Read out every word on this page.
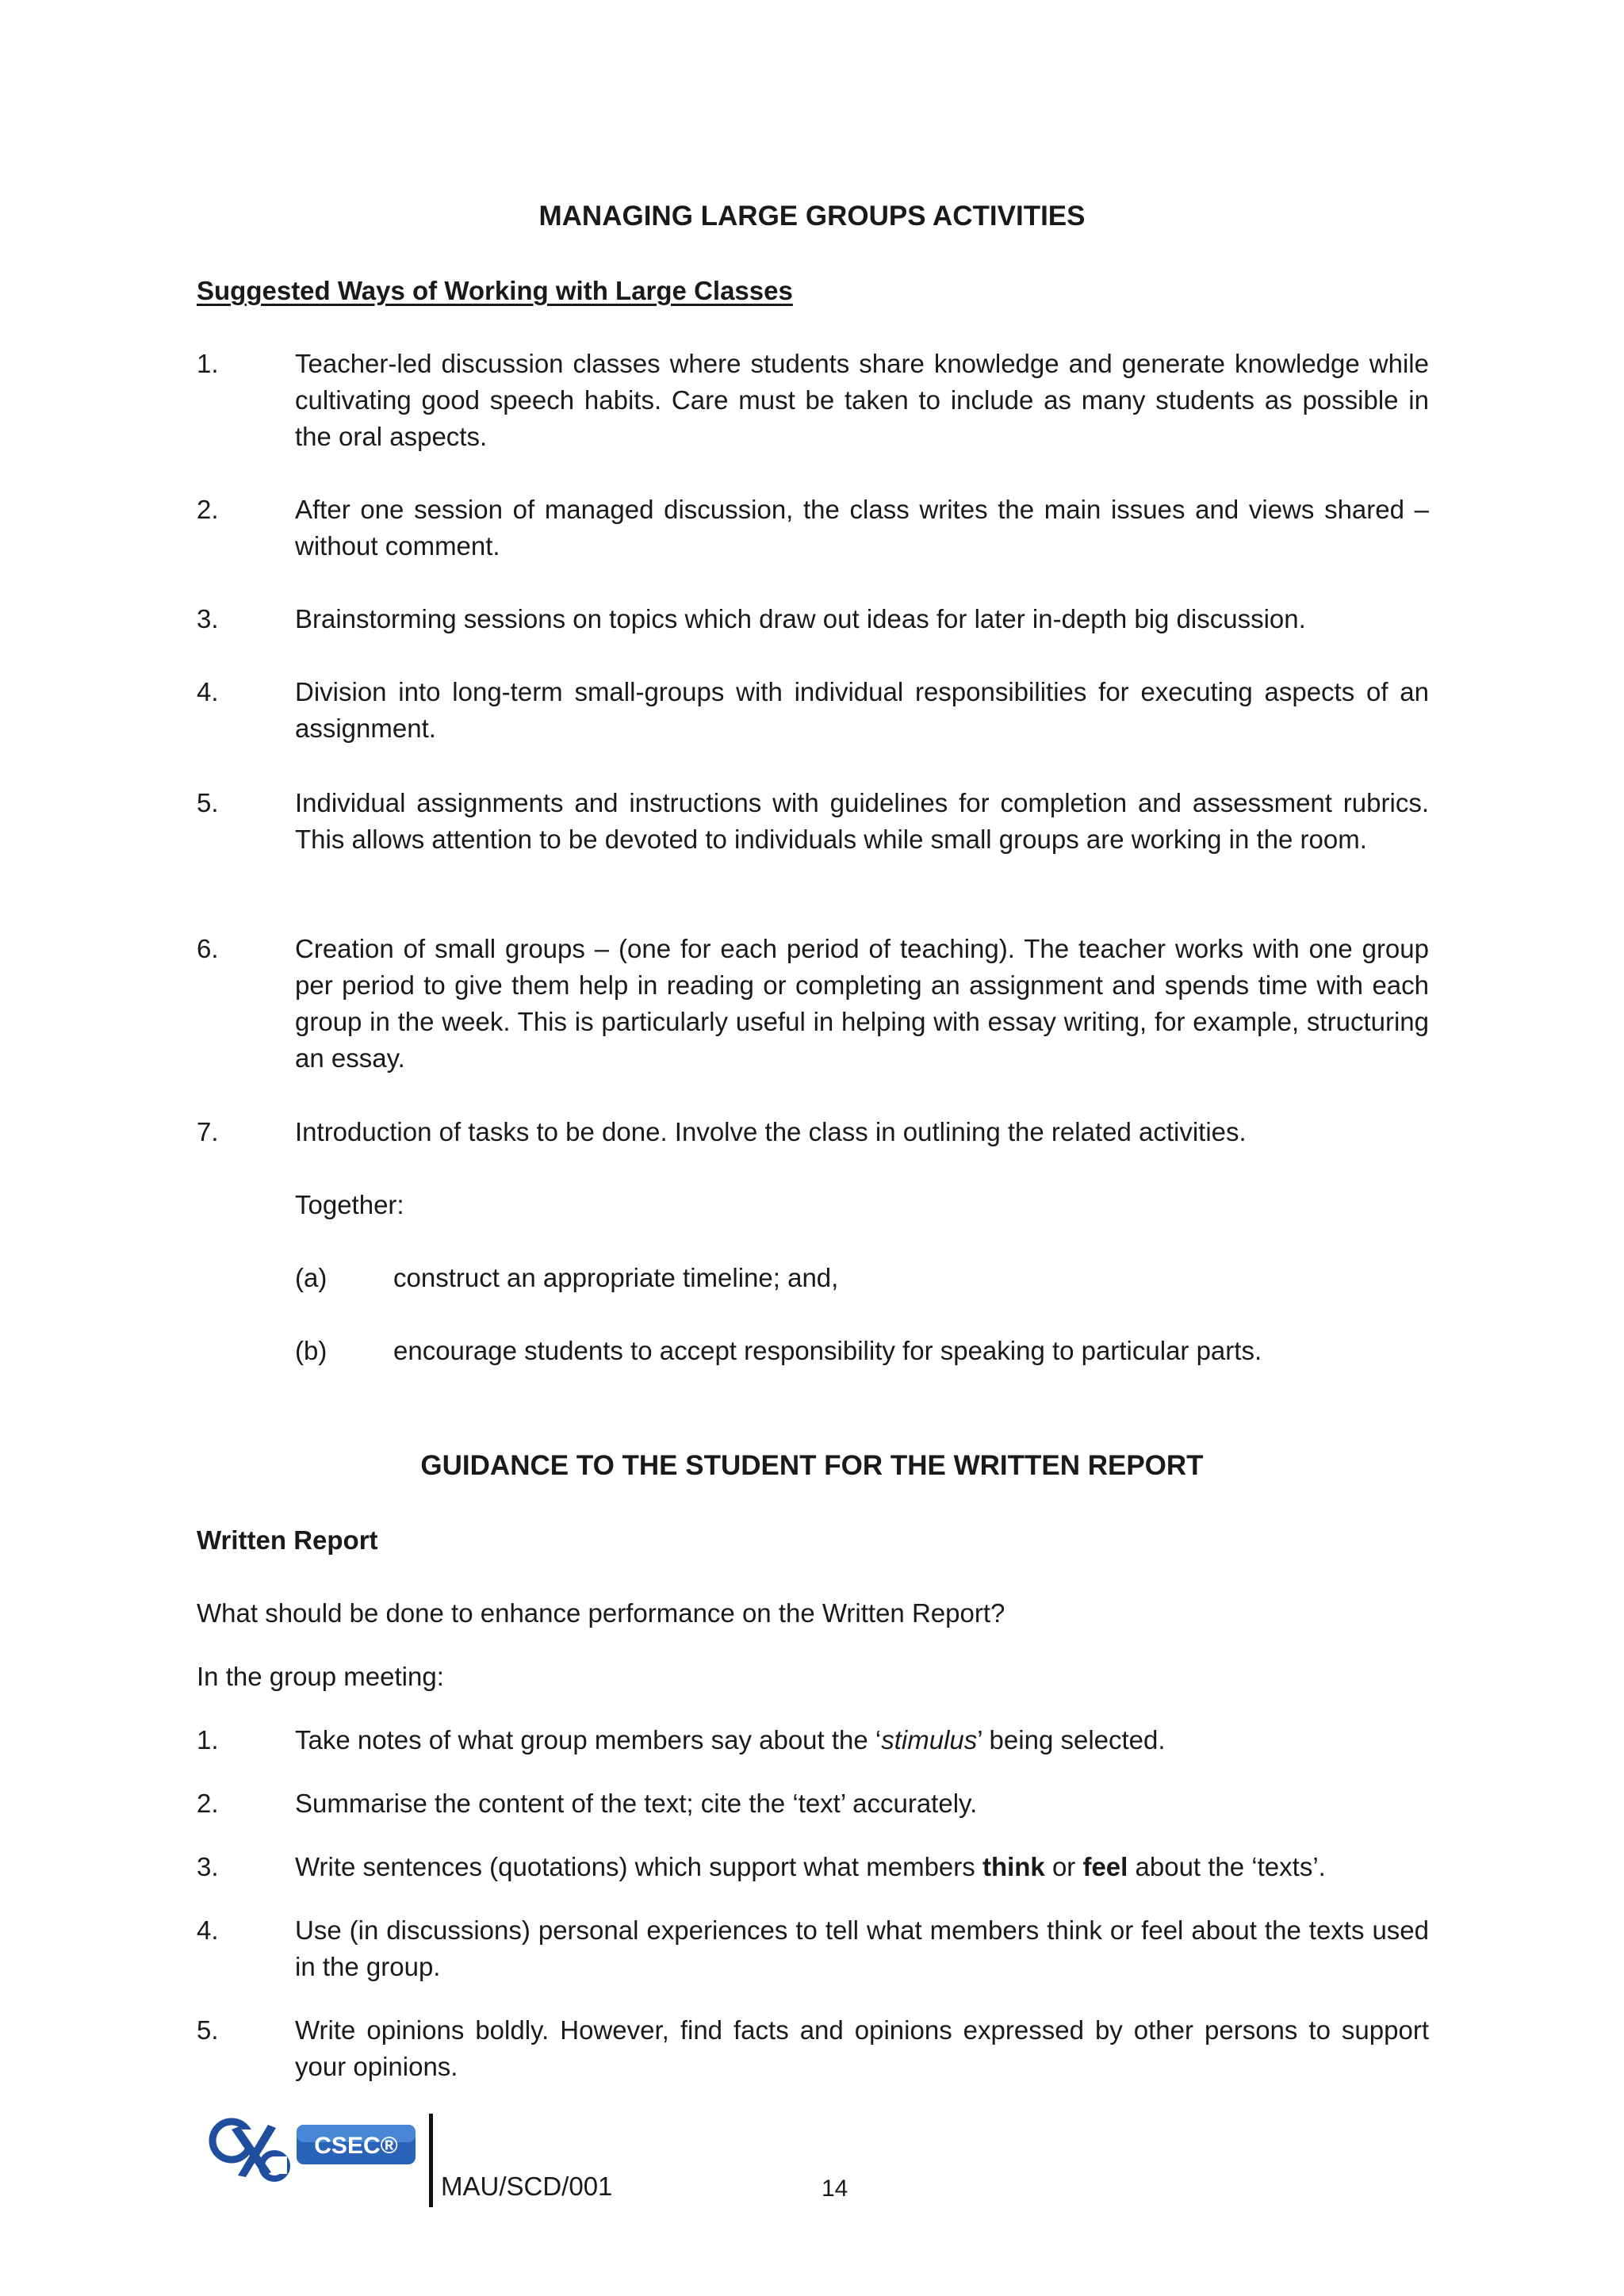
MANAGING LARGE GROUPS ACTIVITIES
Suggested Ways of Working with Large Classes
1.	Teacher-led discussion classes where students share knowledge and generate knowledge while cultivating good speech habits. Care must be taken to include as many students as possible in the oral aspects.
2.	After one session of managed discussion, the class writes the main issues and views shared – without comment.
3.	Brainstorming sessions on topics which draw out ideas for later in-depth big discussion.
4.	Division into long-term small-groups with individual responsibilities for executing aspects of an assignment.
5.	Individual assignments and instructions with guidelines for completion and assessment rubrics. This allows attention to be devoted to individuals while small groups are working in the room.
6.	Creation of small groups – (one for each period of teaching). The teacher works with one group per period to give them help in reading or completing an assignment and spends time with each group in the week. This is particularly useful in helping with essay writing, for example, structuring an essay.
7.	Introduction of tasks to be done. Involve the class in outlining the related activities.
Together:
(a)	construct an appropriate timeline; and,
(b)	encourage students to accept responsibility for speaking to particular parts.
GUIDANCE TO THE STUDENT FOR THE WRITTEN REPORT
Written Report
What should be done to enhance performance on the Written Report?
In the group meeting:
1.	Take notes of what group members say about the ‘stimulus’ being selected.
2.	Summarise the content of the text; cite the ‘text’ accurately.
3.	Write sentences (quotations) which support what members think or feel about the ‘texts’.
4.	Use (in discussions) personal experiences to tell what members think or feel about the texts used in the group.
5.	Write opinions boldly. However, find facts and opinions expressed by other persons to support your opinions.
CSEC®
MAU/SCD/001	14
